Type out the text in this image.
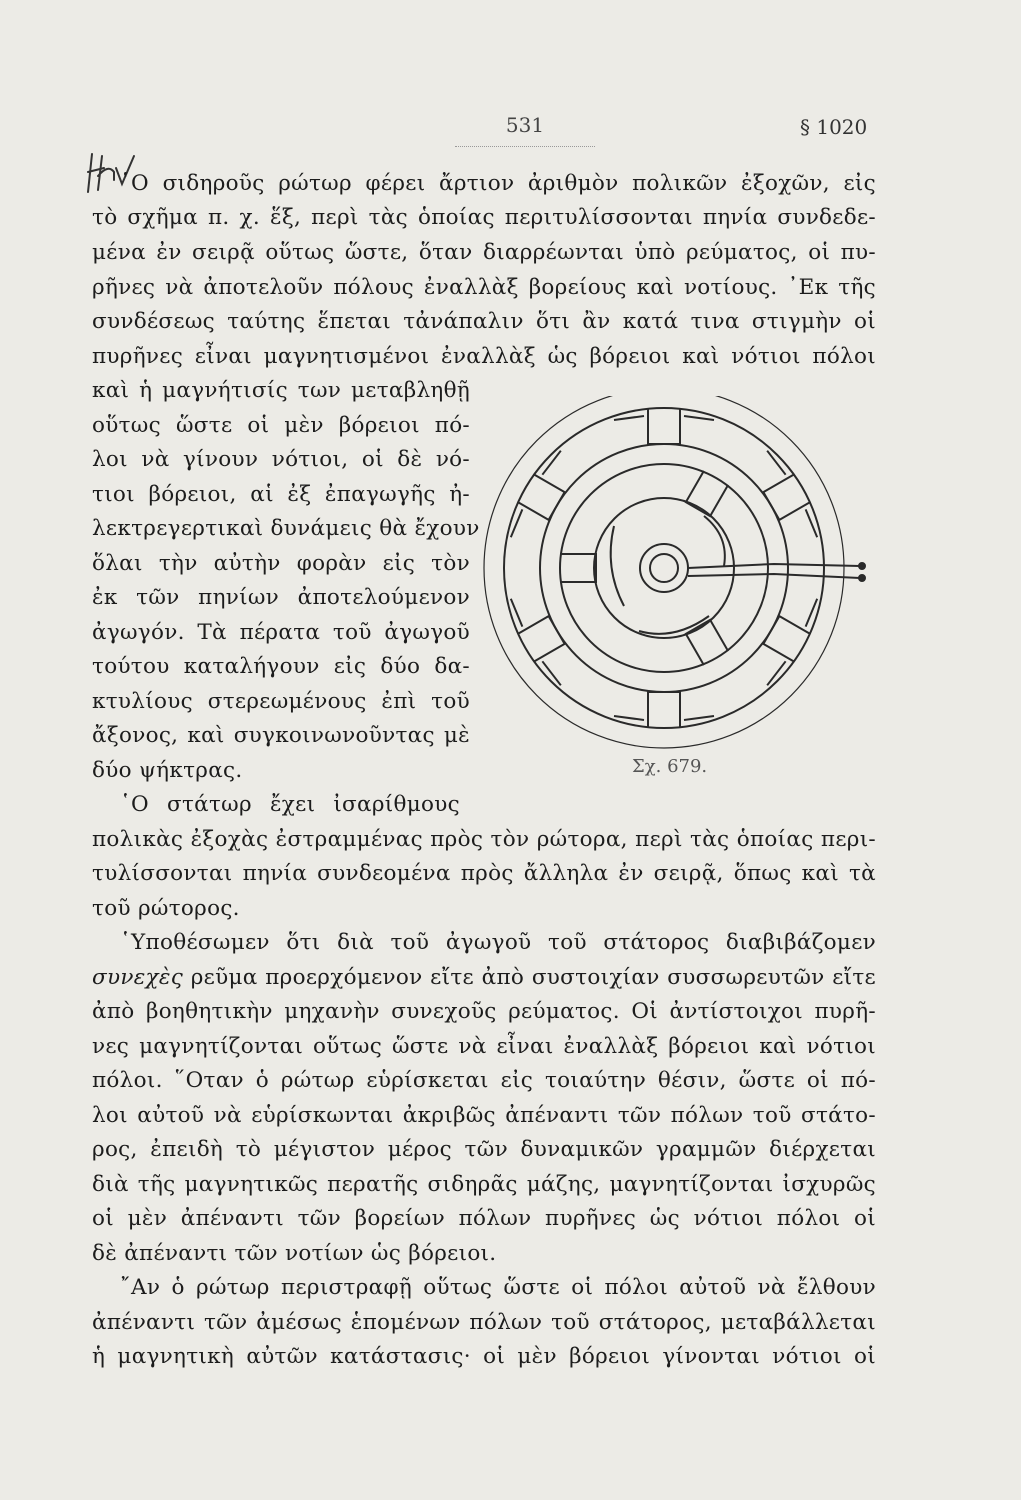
531	§ 1020
῾Ο σιδηροῦς ρώτωρ φέρει ἄρτιον ἀριθμὸν πολικῶν ἐξοχῶν, εἰς
τὸ σχῆμα π. χ. ἕξ, περὶ τὰς ὁποίας περιτυλίσσονται πηνία συνδεδε-
μένα ἐν σειρᾷ οὕτως ὥστε, ὅταν διαρρέωνται ὑπὸ ρεύματος, οἱ πυ-
ρῆνες νὰ ἀποτελοῦν πόλους ἐναλλὰξ βορείους καὶ νοτίους. ᾿Εκ τῆς
συνδέσεως ταύτης ἕπεται τἀνάπαλιν ὅτι ἂν κατά τινα στιγμὴν οἱ
πυρῆνες εἶναι μαγνητισμένοι ἐναλλὰξ ὡς βόρειοι καὶ νότιοι πόλοι
καὶ ἡ μαγνήτισίς των μεταβληθῇ
οὕτως ὥστε οἱ μὲν βόρειοι πό-
λοι νὰ γίνουν νότιοι, οἱ δὲ νό-
τιοι βόρειοι, αἱ ἐξ ἐπαγωγῆς ἠ-
λεκτρεγερτικαὶ δυνάμεις θὰ ἔχουν
ὅλαι τὴν αὐτὴν φορὰν εἰς τὸν
ἐκ τῶν πηνίων ἀποτελούμενον
ἀγωγόν. Τὰ πέρατα τοῦ ἀγωγοῦ
τούτου καταλήγουν εἰς δύο δα-
κτυλίους στερεωμένους ἐπὶ τοῦ
ἄξονος, καὶ συγκοινωνοῦντας μὲ
δύο ψήκτρας.
῾Ο στάτωρ ἔχει ἰσαρίθμους
πολικὰς ἐξοχὰς ἐστραμμένας πρὸς τὸν ρώτορα, περὶ τὰς ὁποίας περι-
τυλίσσονται πηνία συνδεομένα πρὸς ἄλληλα ἐν σειρᾷ, ὅπως καὶ τὰ
τοῦ ρώτορος.
῾Υποθέσωμεν ὅτι διὰ τοῦ ἀγωγοῦ τοῦ στάτορος διαβιβάζομεν
συνεχὲς ρεῦμα προερχόμενον εἴτε ἀπὸ συστοιχίαν συσσωρευτῶν εἴτε
ἀπὸ βοηθητικὴν μηχανὴν συνεχοῦς ρεύματος. Οἱ ἀντίστοιχοι πυρῆ-
νες μαγνητίζονται οὕτως ὥστε νὰ εἶναι ἐναλλὰξ βόρειοι καὶ νότιοι
πόλοι. ῞Οταν ὁ ρώτωρ εὑρίσκεται εἰς τοιαύτην θέσιν, ὥστε οἱ πό-
λοι αὐτοῦ νὰ εὑρίσκωνται ἀκριβῶς ἀπέναντι τῶν πόλων τοῦ στάτο-
ρος, ἐπειδὴ τὸ μέγιστον μέρος τῶν δυναμικῶν γραμμῶν διέρχεται
διὰ τῆς μαγνητικῶς περατῆς σιδηρᾶς μάζης, μαγνητίζονται ἰσχυρῶς
οἱ μὲν ἀπέναντι τῶν βορείων πόλων πυρῆνες ὡς νότιοι πόλοι οἱ
δὲ ἀπέναντι τῶν νοτίων ὡς βόρειοι.
῎Αν ὁ ρώτωρ περιστραφῇ οὕτως ὥστε οἱ πόλοι αὐτοῦ νὰ ἔλθουν
ἀπέναντι τῶν ἀμέσως ἑπομένων πόλων τοῦ στάτορος, μεταβάλλεται
ἡ μαγνητικὴ αὐτῶν κατάστασις· οἱ μὲν βόρειοι γίνονται νότιοι οἱ
Σχ. 679.
